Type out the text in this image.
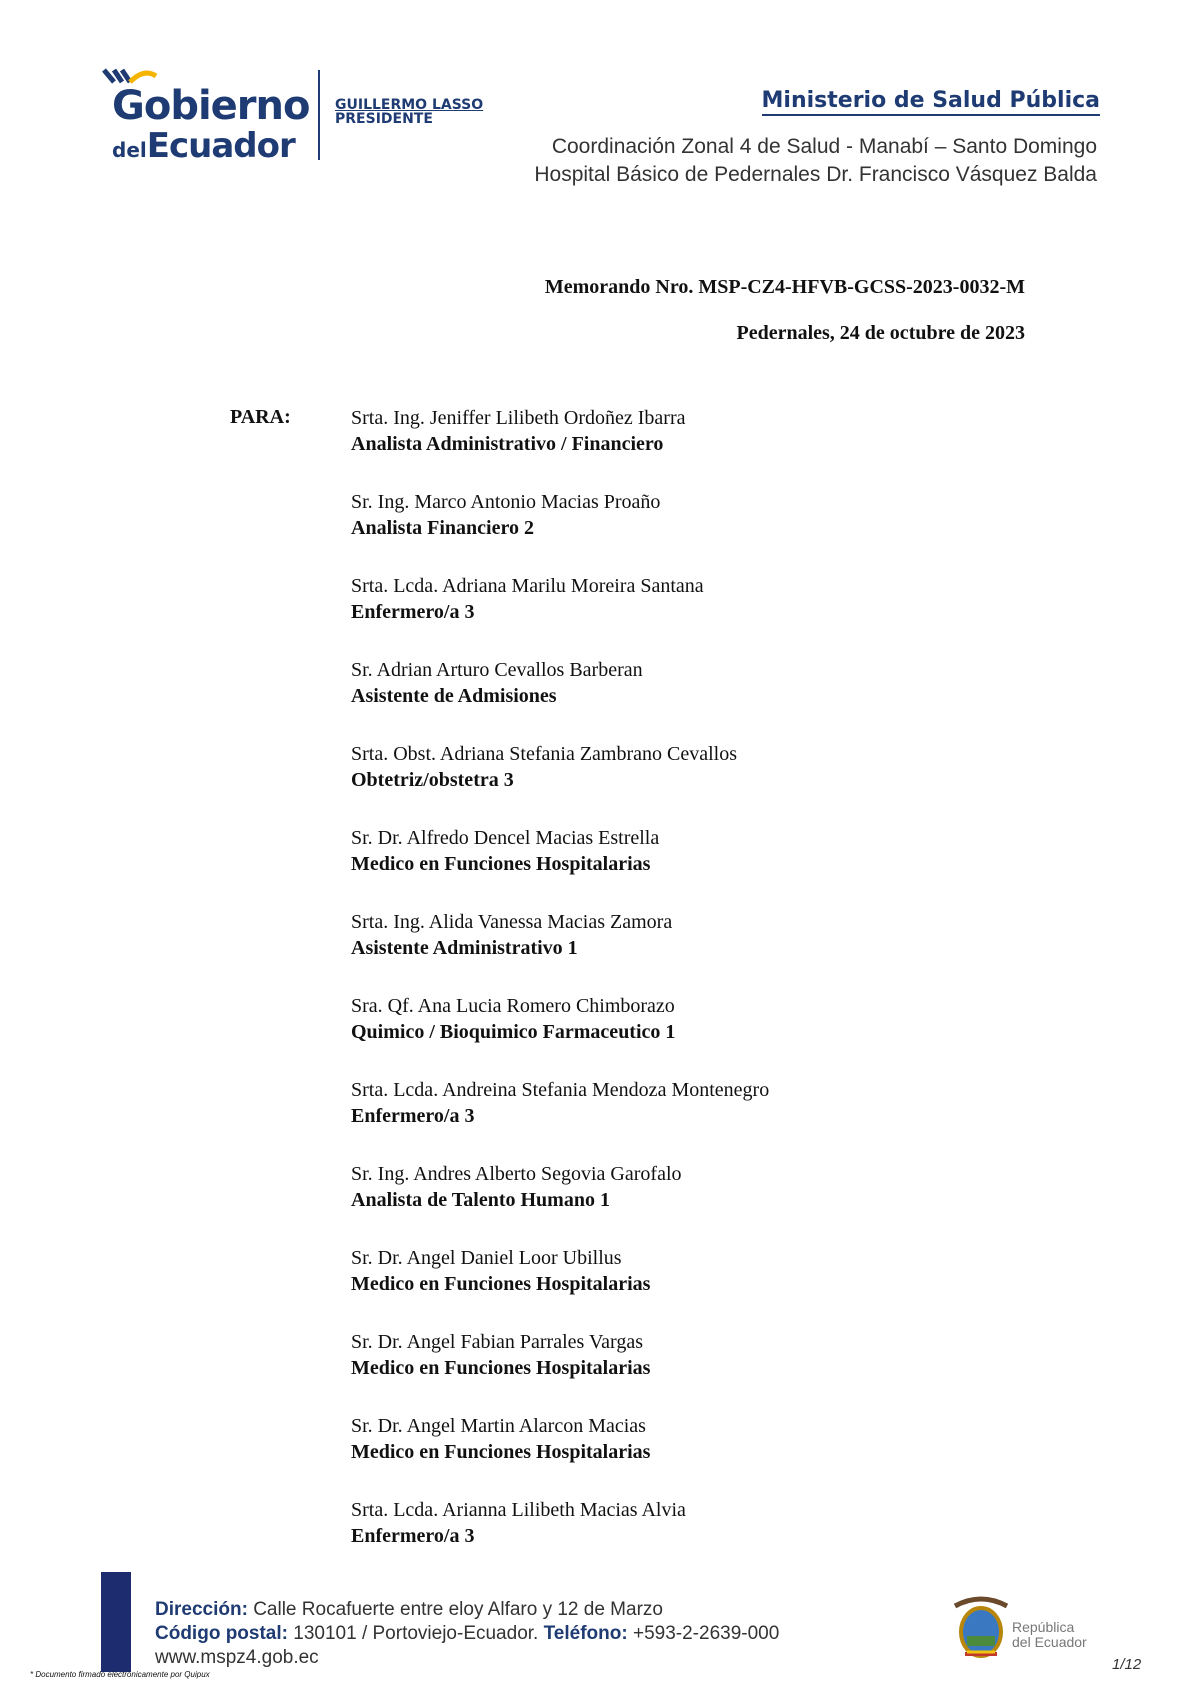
Gobierno
delEcuador
GUILLERMO LASSO
PRESIDENTE
Ministerio de Salud Pública
Coordinación Zonal 4 de Salud - Manabí – Santo Domingo
Hospital Básico de Pedernales Dr. Francisco Vásquez Balda
Memorando Nro. MSP-CZ4-HFVB-GCSS-2023-0032-M
Pedernales, 24 de octubre de 2023
PARA:	Srta. Ing. Jeniffer Lilibeth Ordoñez Ibarra
Analista Administrativo / Financiero
Sr. Ing. Marco Antonio Macias Proaño
Analista Financiero 2
Srta. Lcda. Adriana Marilu Moreira Santana
Enfermero/a 3
Sr. Adrian Arturo Cevallos Barberan
Asistente de Admisiones
Srta. Obst. Adriana Stefania Zambrano Cevallos
Obtetriz/obstetra 3
Sr. Dr. Alfredo Dencel Macias Estrella
Medico en Funciones Hospitalarias
Srta. Ing. Alida Vanessa Macias Zamora
Asistente Administrativo 1
Sra. Qf. Ana Lucia Romero Chimborazo
Quimico / Bioquimico Farmaceutico 1
Srta. Lcda. Andreina Stefania Mendoza Montenegro
Enfermero/a 3
Sr. Ing. Andres Alberto Segovia Garofalo
Analista de Talento Humano 1
Sr. Dr. Angel Daniel Loor Ubillus
Medico en Funciones Hospitalarias
Sr. Dr. Angel Fabian Parrales Vargas
Medico en Funciones Hospitalarias
Sr. Dr. Angel Martin Alarcon Macias
Medico en Funciones Hospitalarias
Srta. Lcda. Arianna Lilibeth Macias Alvia
Enfermero/a 3
Dirección: Calle Rocafuerte entre eloy Alfaro y 12 de Marzo
Código postal: 130101 / Portoviejo-Ecuador. Teléfono: +593-2-2639-000
www.mspz4.gob.ec
* Documento firmado electrónicamente por Quipux
República
del Ecuador
1/12
